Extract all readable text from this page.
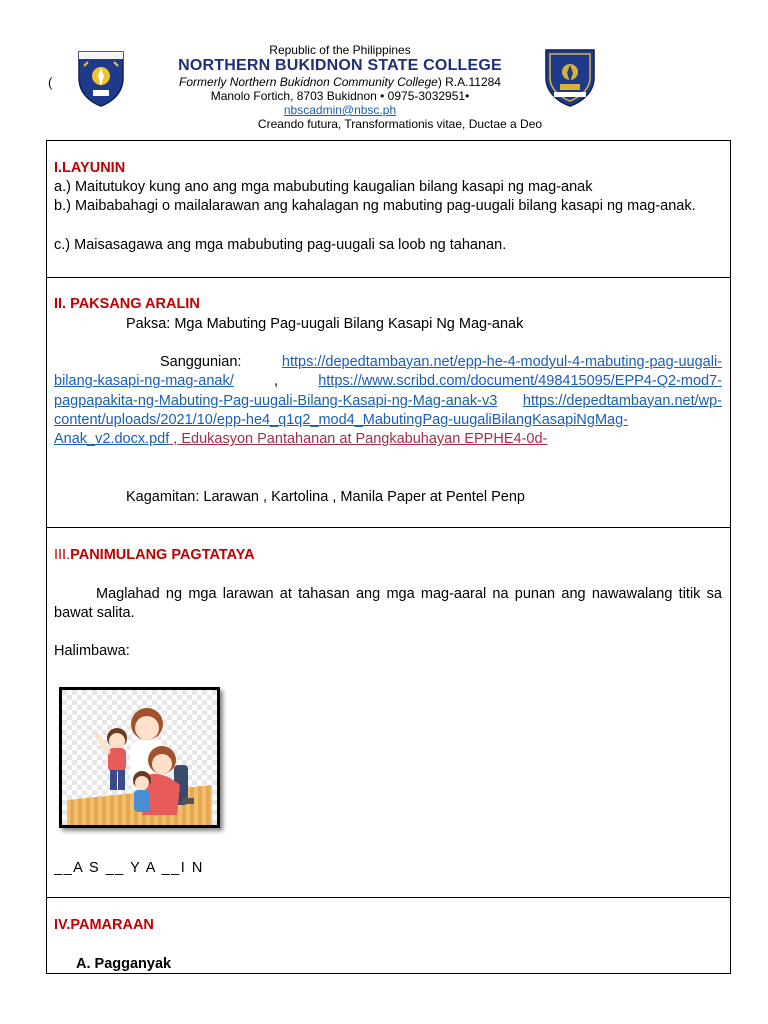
(
Republic of the Philippines
NORTHERN BUKIDNON STATE COLLEGE
Formerly Northern Bukidnon Community College) R.A.11284
Manolo Fortich, 8703 Bukidnon • 0975-3032951•
nbscadmin@nbsc.ph
Creando futura, Transformationis vitae, Ductae a Deo
I.LAYUNIN
a.) Maitutukoy kung ano ang mga mabubuting kaugalian bilang kasapi ng mag-anak
b.) Maibabahagi o mailalarawan ang kahalagan ng mabuting pag-uugali bilang kasapi ng mag-anak.
c.) Maisasagawa ang mga mabubuting pag-uugali sa loob ng tahanan.
II. PAKSANG ARALIN
Paksa: Mga Mabuting Pag-uugali Bilang Kasapi Ng Mag-anak
Sanggunian:	https://depedtambayan.net/epp-he-4-modyul-4-mabuting-pag-uugali-bilang-kasapi-ng-mag-anak/ , https://www.scribd.com/document/498415095/EPP4-Q2-mod7-pagpapakita-ng-Mabuting-Pag-uugali-Bilang-Kasapi-ng-Mag-anak-v3 https://depedtambayan.net/wp-content/uploads/2021/10/epp-he4_q1q2_mod4_MabutingPag-uugaliBilangKasapiNgMag-Anak_v2.docx.pdf , Edukasyon Pantahanan at Pangkabuhayan EPPHE4-0d-
Kagamitan: Larawan , Kartolina , Manila Paper at Pentel Penp
III.PANIMULANG PAGTATAYA
Maglahad ng mga larawan at tahasan ang mga mag-aaral na punan ang nawawalang titik sa bawat salita.
Halimbawa:
__A S __ Y A __I N
IV.PAMARAAN
A. Pagganyak
